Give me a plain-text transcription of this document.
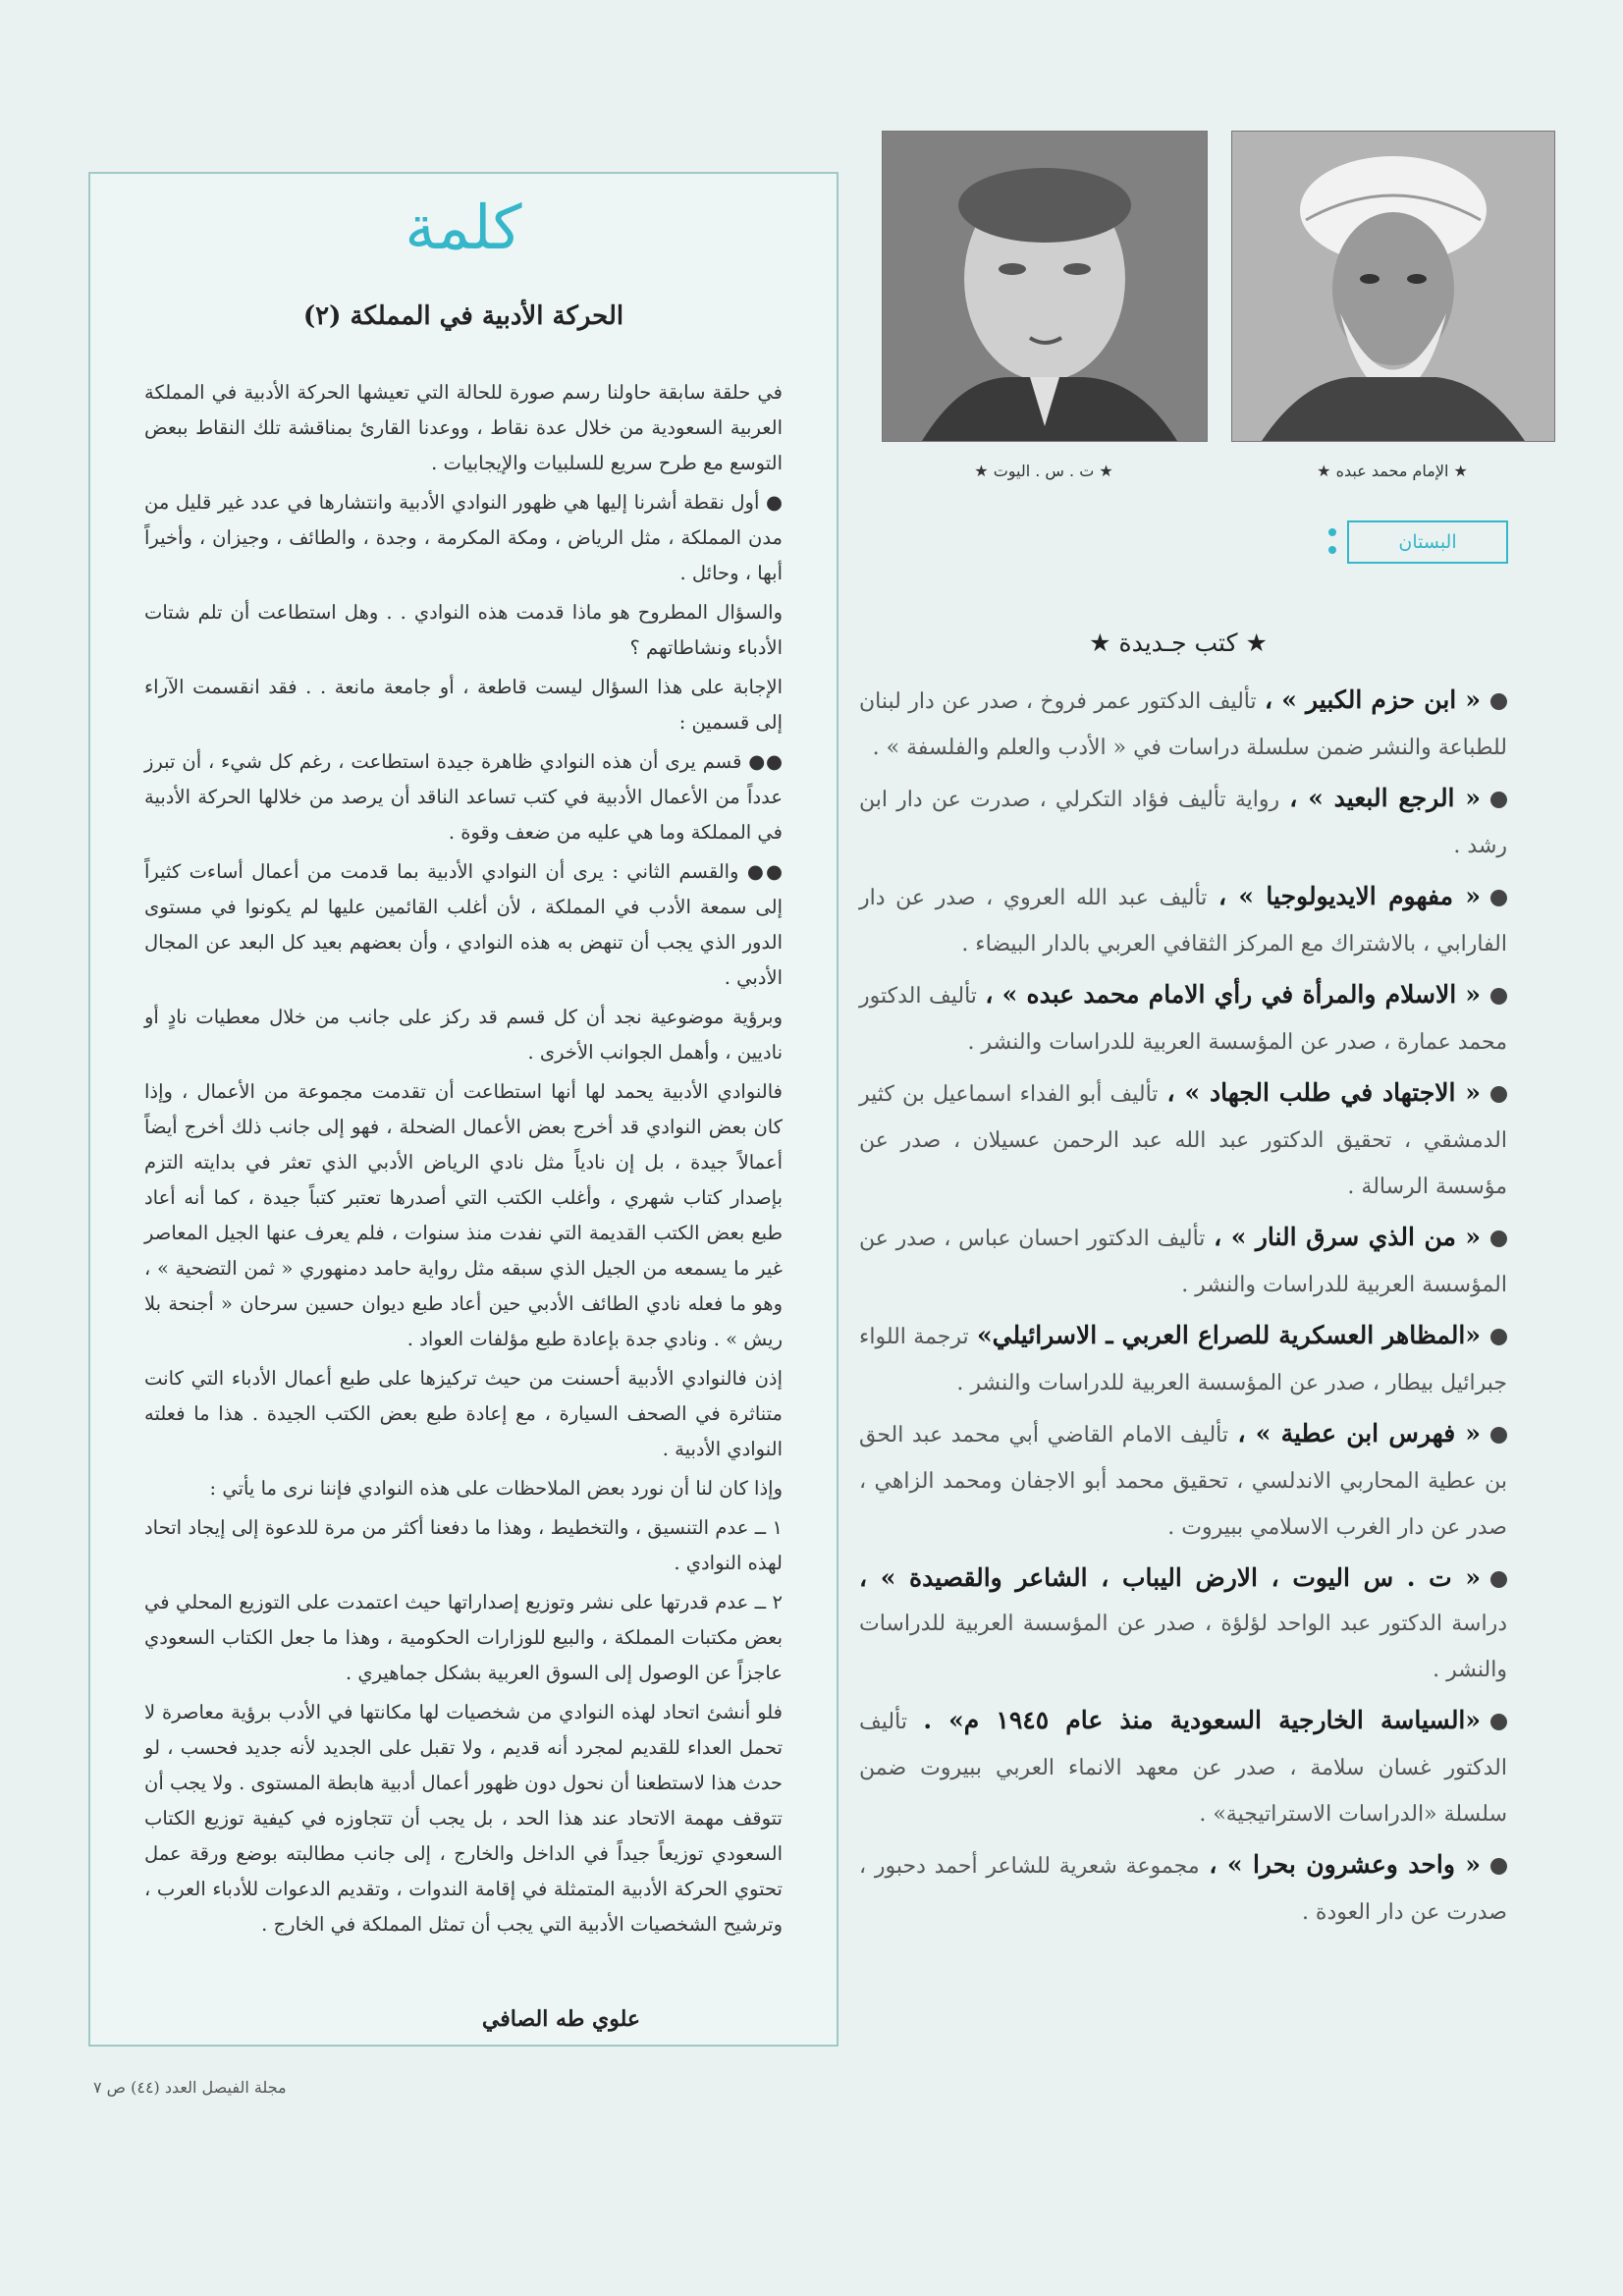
كلمة
(٢) الحركة الأدبية في المملكة

في حلقة سابقة حاولنا رسم صورة للحالة التي تعيشها الحركة الأدبية في المملكة العربية السعودية من خلال عدة نقاط ، ووعدنا القارئ بمناقشة تلك النقاط ببعض التوسع مع طرح سريع للسلبيات والإيجابيات .

● أول نقطة أشرنا إليها هي ظهور النوادي الأدبية وانتشارها في عدد غير قليل من مدن المملكة ، مثل الرياض ، ومكة المكرمة ، وجدة ، والطائف ، وجيزان ، وأخيراً أبها ، وحائل .

والسؤال المطروح هو ماذا قدمت هذه النوادي . . وهل استطاعت أن تلم شتات الأدباء ونشاطاتهم ؟

الإجابة على هذا السؤال ليست قاطعة ، أو جامعة مانعة . . فقد انقسمت الآراء إلى قسمين :

●● قسم يرى أن هذه النوادي ظاهرة جيدة استطاعت ، رغم كل شيء ، أن تبرز عدداً من الأعمال الأدبية في كتب تساعد الناقد أن يرصد من خلالها الحركة الأدبية في المملكة وما هي عليه من ضعف وقوة .

●● والقسم الثاني : يرى أن النوادي الأدبية بما قدمت من أعمال أساءت كثيراً إلى سمعة الأدب في المملكة ، لأن أغلب القائمين عليها لم يكونوا في مستوى الدور الذي يجب أن تنهض به هذه النوادي ، وأن بعضهم بعيد كل البعد عن المجال الأدبي .

وبرؤية موضوعية نجد أن كل قسم قد ركز على جانب من خلال معطيات نادٍ أو ناديين ، وأهمل الجوانب الأخرى .

فالنوادي الأدبية يحمد لها أنها استطاعت أن تقدمت مجموعة من الأعمال ، وإذا كان بعض النوادي قد أخرج بعض الأعمال الضحلة ، فهو إلى جانب ذلك أخرج أيضاً أعمالاً جيدة ، بل إن نادياً مثل نادي الرياض الأدبي الذي تعثر في بدايته التزم بإصدار كتاب شهري ، وأغلب الكتب التي أصدرها تعتبر كتباً جيدة ، كما أنه أعاد طبع بعض الكتب القديمة التي نفدت منذ سنوات ، فلم يعرف عنها الجيل المعاصر غير ما يسمعه من الجيل الذي سبقه مثل رواية حامد دمنهوري « ثمن التضحية » ، وهو ما فعله نادي الطائف الأدبي حين أعاد طبع ديوان حسين سرحان « أجنحة بلا ريش » . ونادي جدة بإعادة طبع مؤلفات العواد .

إذن فالنوادي الأدبية أحسنت من حيث تركيزها على طبع أعمال الأدباء التي كانت متناثرة في الصحف السيارة ، مع إعادة طبع بعض الكتب الجيدة . هذا ما فعلته النوادي الأدبية .

وإذا كان لنا أن نورد بعض الملاحظات على هذه النوادي فإننا نرى ما يأتي :

١ ــ عدم التنسيق ، والتخطيط ، وهذا ما دفعنا أكثر من مرة للدعوة إلى إيجاد اتحاد لهذه النوادي .

٢ ــ عدم قدرتها على نشر وتوزيع إصداراتها حيث اعتمدت على التوزيع المحلي في بعض مكتبات المملكة ، والبيع للوزارات الحكومية ، وهذا ما جعل الكتاب السعودي عاجزاً عن الوصول إلى السوق العربية بشكل جماهيري .

فلو أنشئ اتحاد لهذه النوادي من شخصيات لها مكانتها في الأدب برؤية معاصرة لا تحمل العداء للقديم لمجرد أنه قديم ، ولا تقبل على الجديد لأنه جديد فحسب ، لو حدث هذا لاستطعنا أن نحول دون ظهور أعمال أدبية هابطة المستوى . ولا يجب أن تتوقف مهمة الاتحاد عند هذا الحد ، بل يجب أن تتجاوزه في كيفية توزيع الكتاب السعودي توزيعاً جيداً في الداخل والخارج ، إلى جانب مطالبته بوضع ورقة عمل تحتوي الحركة الأدبية المتمثلة في إقامة الندوات ، وتقديم الدعوات للأدباء العرب ، وترشيح الشخصيات الأدبية التي يجب أن تمثل المملكة في الخارج .

علوي طه الصافي
مجلة الفيصل العدد (٤٤) ص ٧
★ ت . س . اليوت ★	★ الإمام محمد عبده ★
البستان
★ كتب جـديدة ★
« ابن حزم الكبير » ، تأليف الدكتور عمر فروخ ، صدر عن دار لبنان للطباعة والنشر ضمن سلسلة دراسات في « الأدب والعلم والفلسفة » .
« الرجع البعيد » ، رواية تأليف فؤاد التكرلي ، صدرت عن دار ابن رشد .
« مفهوم الايديولوجيا » ، تأليف عبد الله العروي ، صدر عن دار الفارابي ، بالاشتراك مع المركز الثقافي العربي بالدار البيضاء .
« الاسلام والمرأة في رأي الامام محمد عبده » ، تأليف الدكتور محمد عمارة ، صدر عن المؤسسة العربية للدراسات والنشر .
« الاجتهاد في طلب الجهاد » ، تأليف أبو الفداء اسماعيل بن كثير الدمشقي ، تحقيق الدكتور عبد الله عبد الرحمن عسيلان ، صدر عن مؤسسة الرسالة .
« من الذي سرق النار » ، تأليف الدكتور احسان عباس ، صدر عن المؤسسة العربية للدراسات والنشر .
«المظاهر العسكرية للصراع العربي ـ الاسرائيلي» ترجمة اللواء جبرائيل بيطار ، صدر عن المؤسسة العربية للدراسات والنشر .
« فهرس ابن عطية » ، تأليف الامام القاضي أبي محمد عبد الحق بن عطية المحاربي الاندلسي ، تحقيق محمد أبو الاجفان ومحمد الزاهي ، صدر عن دار الغرب الاسلامي ببيروت .
« ت . س اليوت ، الارض اليباب ، الشاعر والقصيدة » ، دراسة الدكتور عبد الواحد لؤلؤة ، صدر عن المؤسسة العربية للدراسات والنشر .
«السياسة الخارجية السعودية منذ عام ١٩٤٥ م» . تأليف الدكتور غسان سلامة ، صدر عن معهد الانماء العربي ببيروت ضمن سلسلة «الدراسات الاستراتيجية» .
« واحد وعشرون بحرا » ، مجموعة شعرية للشاعر أحمد دحبور ، صدرت عن دار العودة .
